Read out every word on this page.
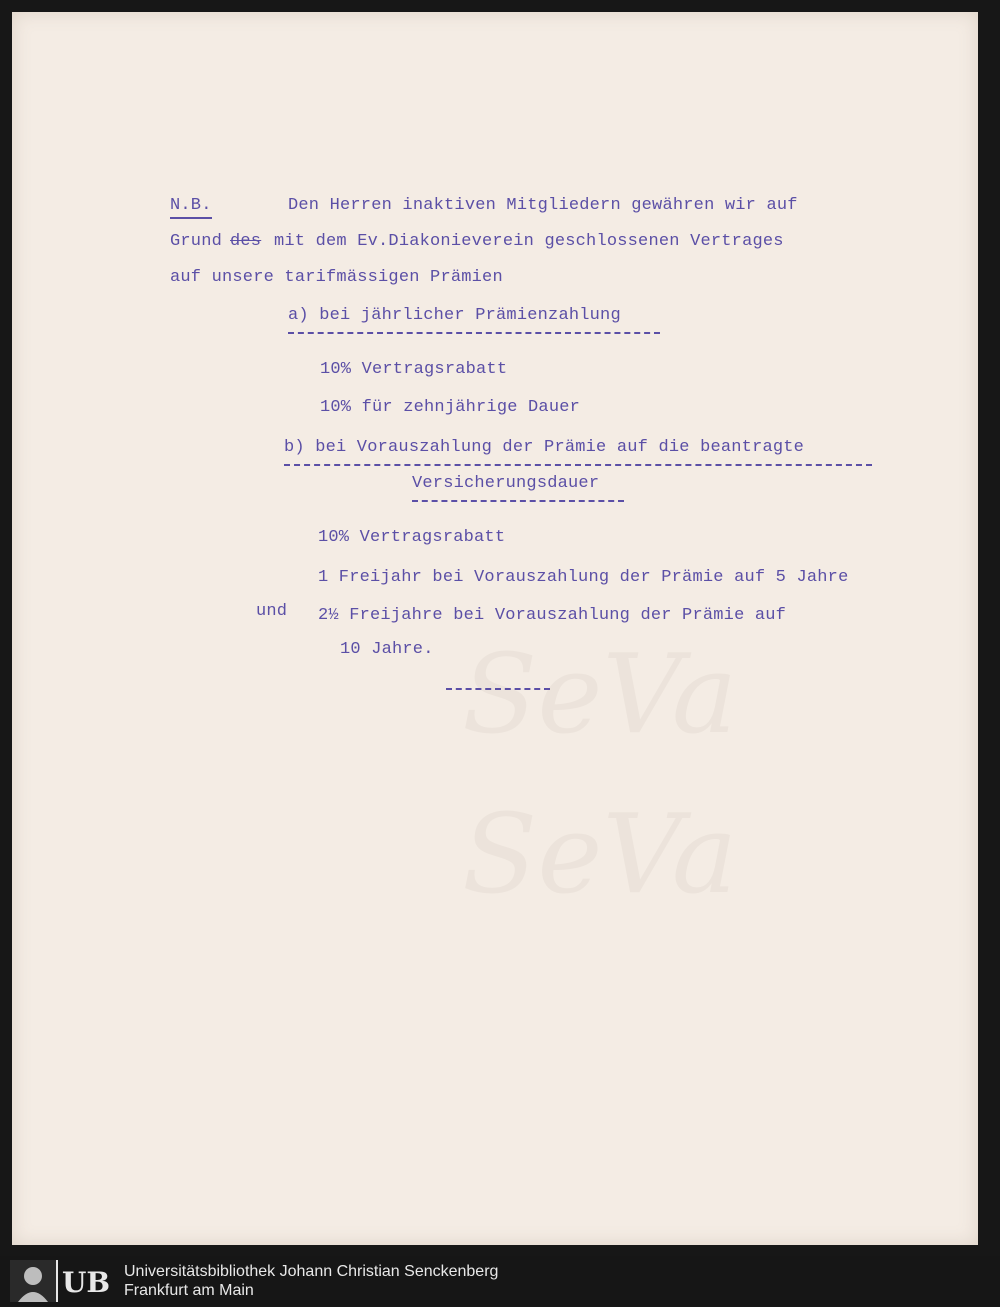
SeVa
SeVa

N.B.	Den Herren inaktiven Mitgliedern gewähren wir auf

Grund des mit dem Ev.Diakonieverein geschlossenen Vertrages

auf unsere tarifmässigen Prämien

a) bei jährlicher Prämienzahlung

10% Vertragsrabatt

10% für zehnjährige Dauer

b) bei Vorauszahlung der Prämie auf die beantragte

Versicherungsdauer

10% Vertragsrabatt

1 Freijahr bei Vorauszahlung der Prämie auf 5 Jahre

und 2½ Freijahre bei Vorauszahlung der Prämie auf

10 Jahre.

UB Universitätsbibliothek Johann Christian Senckenberg
Frankfurt am Main
